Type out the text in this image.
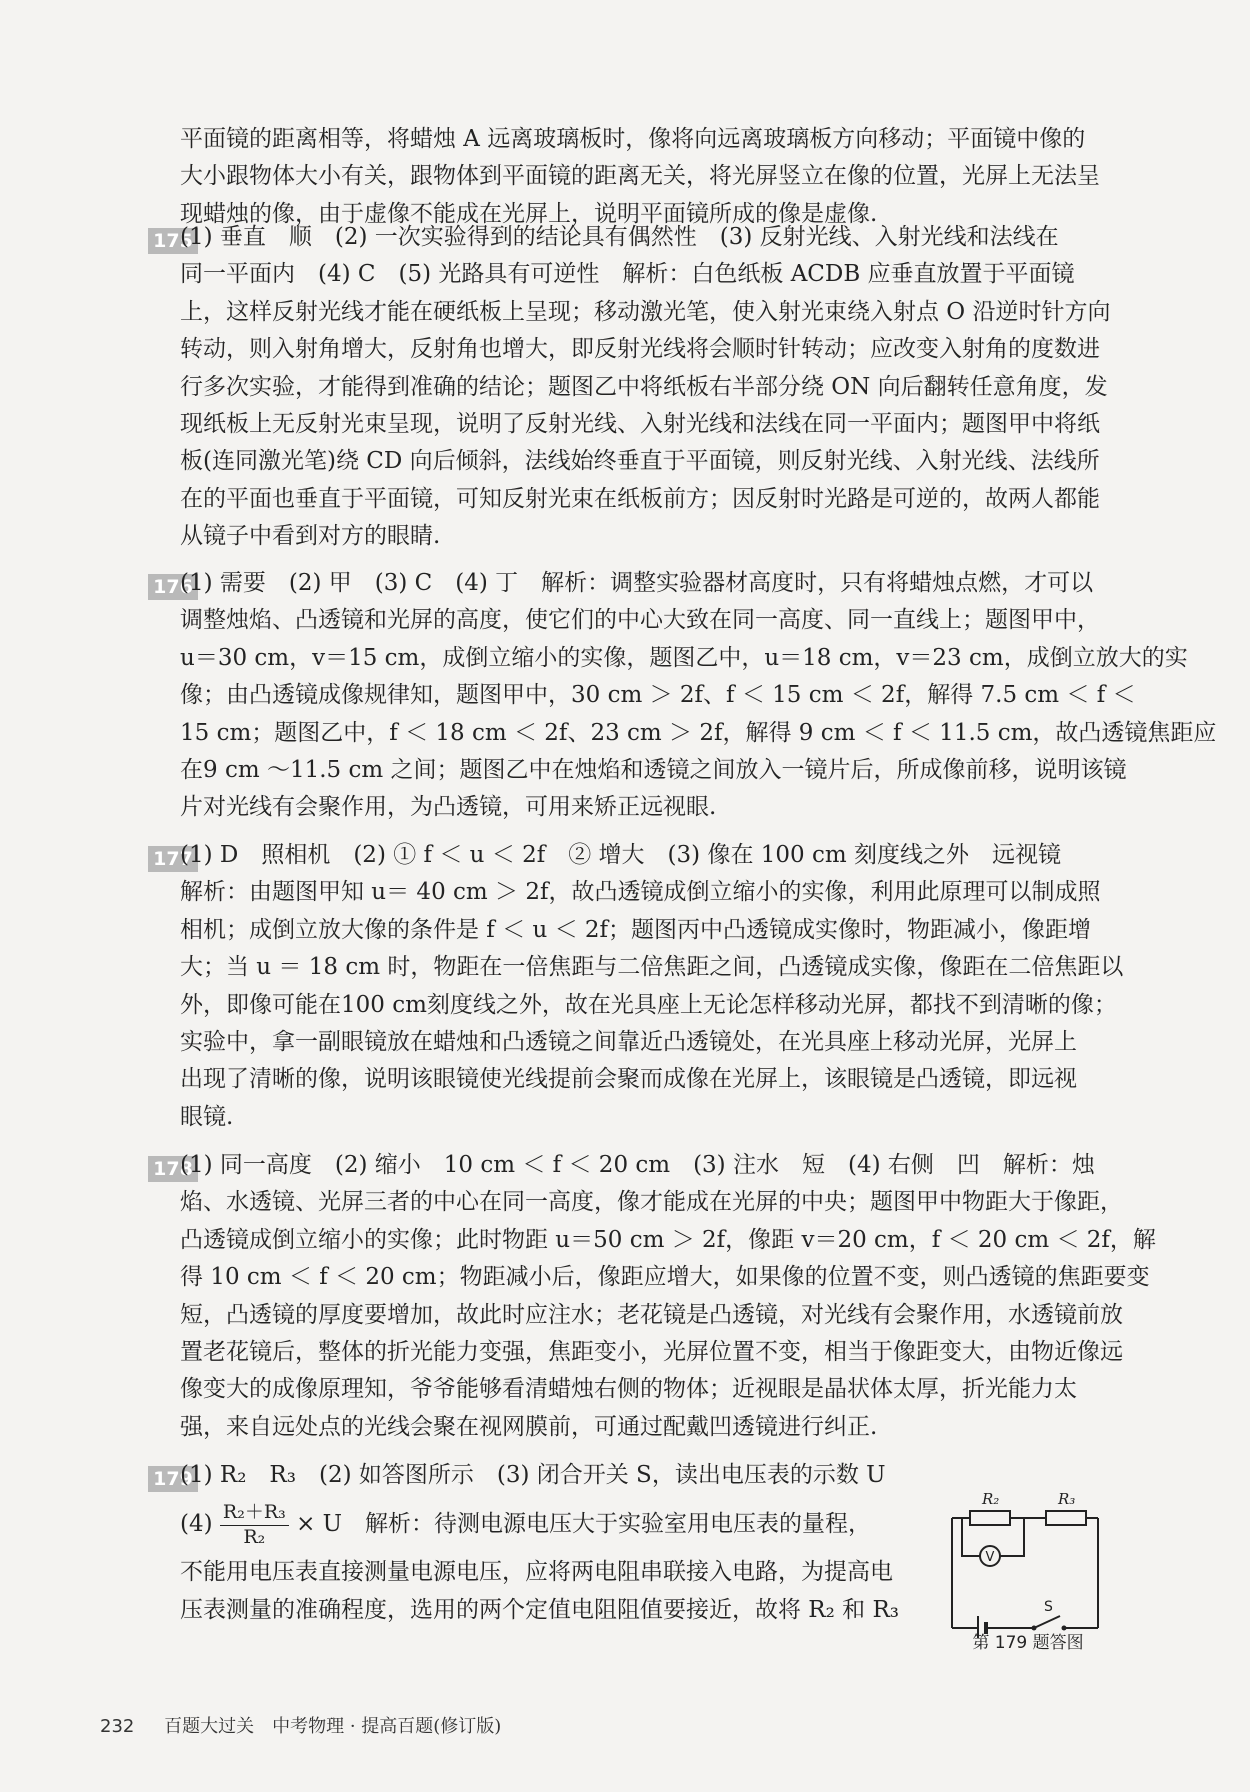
平面镜的距离相等，将蜡烛 A 远离玻璃板时，像将向远离玻璃板方向移动；平面镜中像的
大小跟物体大小有关，跟物体到平面镜的距离无关，将光屏竖立在像的位置，光屏上无法呈
现蜡烛的像，由于虚像不能成在光屏上，说明平面镜所成的像是虚像.
175
(1) 垂直　顺　(2) 一次实验得到的结论具有偶然性　(3) 反射光线、入射光线和法线在
同一平面内　(4) C　(5) 光路具有可逆性　解析：白色纸板 ACDB 应垂直放置于平面镜
上，这样反射光线才能在硬纸板上呈现；移动激光笔，使入射光束绕入射点 O 沿逆时针方向
转动，则入射角增大，反射角也增大，即反射光线将会顺时针转动；应改变入射角的度数进
行多次实验，才能得到准确的结论；题图乙中将纸板右半部分绕 ON 向后翻转任意角度，发
现纸板上无反射光束呈现，说明了反射光线、入射光线和法线在同一平面内；题图甲中将纸
板(连同激光笔)绕 CD 向后倾斜，法线始终垂直于平面镜，则反射光线、入射光线、法线所
在的平面也垂直于平面镜，可知反射光束在纸板前方；因反射时光路是可逆的，故两人都能
从镜子中看到对方的眼睛.
176
(1) 需要　(2) 甲　(3) C　(4) 丁　解析：调整实验器材高度时，只有将蜡烛点燃，才可以
调整烛焰、凸透镜和光屏的高度，使它们的中心大致在同一高度、同一直线上；题图甲中，
u＝30 cm，v＝15 cm，成倒立缩小的实像，题图乙中，u＝18 cm，v＝23 cm，成倒立放大的实
像；由凸透镜成像规律知，题图甲中，30 cm ＞ 2f、f ＜ 15 cm ＜ 2f，解得 7.5 cm ＜ f ＜
15 cm；题图乙中，f ＜ 18 cm ＜ 2f、23 cm ＞ 2f，解得 9 cm ＜ f ＜ 11.5 cm，故凸透镜焦距应
在9 cm ～11.5 cm 之间；题图乙中在烛焰和透镜之间放入一镜片后，所成像前移，说明该镜
片对光线有会聚作用，为凸透镜，可用来矫正远视眼.
177
(1) D　照相机　(2) ① f ＜ u ＜ 2f　② 增大　(3) 像在 100 cm 刻度线之外　远视镜
解析：由题图甲知 u＝ 40 cm ＞ 2f，故凸透镜成倒立缩小的实像，利用此原理可以制成照
相机；成倒立放大像的条件是 f ＜ u ＜ 2f；题图丙中凸透镜成实像时，物距减小，像距增
大；当 u ＝ 18 cm 时，物距在一倍焦距与二倍焦距之间，凸透镜成实像，像距在二倍焦距以
外，即像可能在100 cm刻度线之外，故在光具座上无论怎样移动光屏，都找不到清晰的像；
实验中，拿一副眼镜放在蜡烛和凸透镜之间靠近凸透镜处，在光具座上移动光屏，光屏上
出现了清晰的像，说明该眼镜使光线提前会聚而成像在光屏上，该眼镜是凸透镜，即远视
眼镜.
178
(1) 同一高度　(2) 缩小　10 cm ＜ f ＜ 20 cm　(3) 注水　短　(4) 右侧　凹　解析：烛
焰、水透镜、光屏三者的中心在同一高度，像才能成在光屏的中央；题图甲中物距大于像距，
凸透镜成倒立缩小的实像；此时物距 u＝50 cm ＞ 2f，像距 v＝20 cm，f ＜ 20 cm ＜ 2f，解
得 10 cm ＜ f ＜ 20 cm；物距减小后，像距应增大，如果像的位置不变，则凸透镜的焦距要变
短，凸透镜的厚度要增加，故此时应注水；老花镜是凸透镜，对光线有会聚作用，水透镜前放
置老花镜后，整体的折光能力变强，焦距变小，光屏位置不变，相当于像距变大，由物近像远
像变大的成像原理知，爷爷能够看清蜡烛右侧的物体；近视眼是晶状体太厚，折光能力太
强，来自远处点的光线会聚在视网膜前，可通过配戴凹透镜进行纠正.
179
(1) R₂　R₃　(2) 如答图所示　(3) 闭合开关 S，读出电压表的示数 U
$(4) \frac{\text{R₂＋R₃}}{\text{R₂}} \times U$　解析：待测电源电压大于实验室用电压表的量程，
不能用电压表直接测量电源电压，应将两电阻串联接入电路，为提高电
压表测量的准确程度，选用的两个定值电阻阻值要接近，故将 R₂ 和 R₃
R₂	R₃
V
S
第 179 题答图
232 百题大过关　中考物理 · 提高百题(修订版)
